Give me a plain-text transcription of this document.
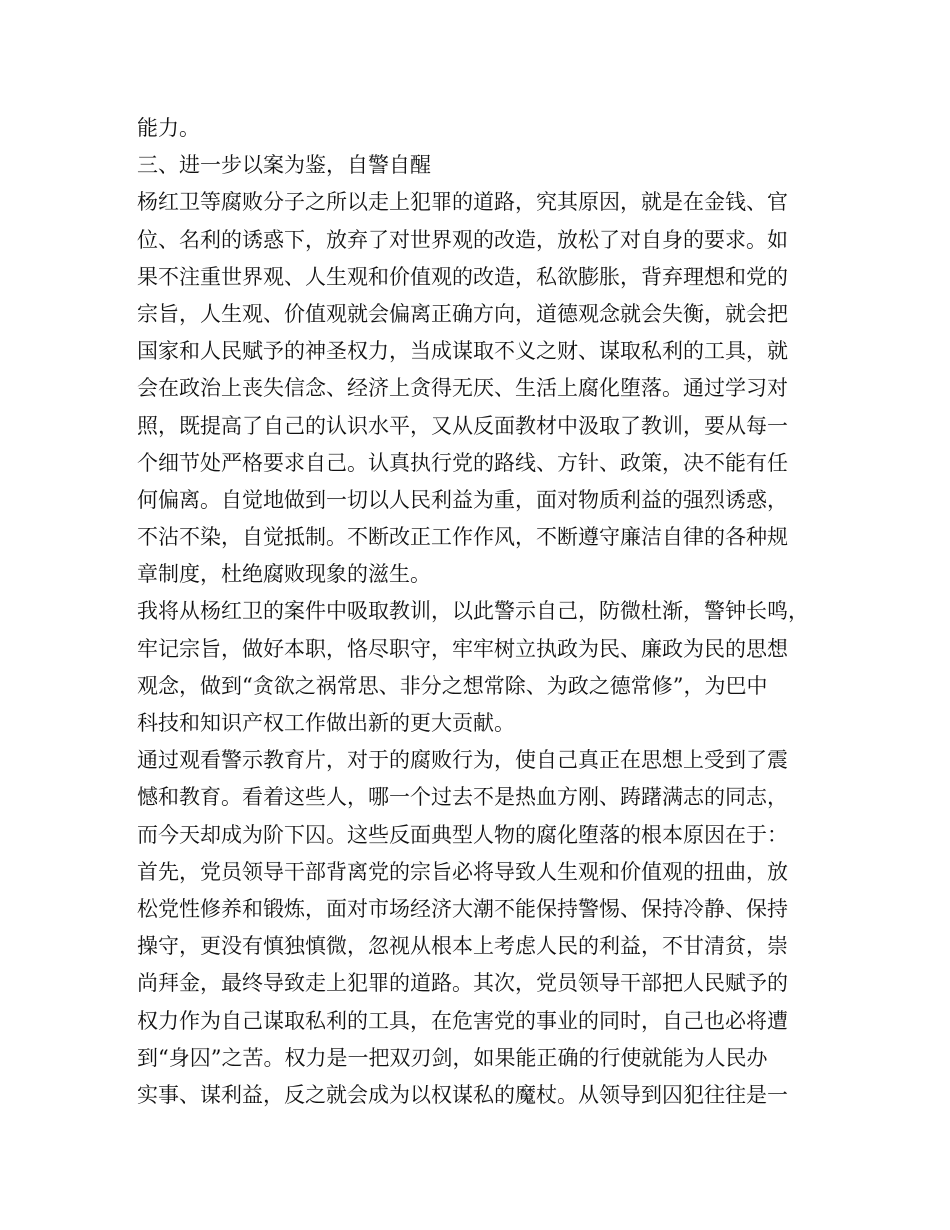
能力。
三、进一步以案为鉴，自警自醒
杨红卫等腐败分子之所以走上犯罪的道路，究其原因，就是在金钱、官
位、名利的诱惑下，放弃了对世界观的改造，放松了对自身的要求。如
果不注重世界观、人生观和价值观的改造，私欲膨胀，背弃理想和党的
宗旨，人生观、价值观就会偏离正确方向，道德观念就会失衡，就会把
国家和人民赋予的神圣权力，当成谋取不义之财、谋取私利的工具，就
会在政治上丧失信念、经济上贪得无厌、生活上腐化堕落。通过学习对
照，既提高了自己的认识水平，又从反面教材中汲取了教训，要从每一
个细节处严格要求自己。认真执行党的路线、方针、政策，决不能有任
何偏离。自觉地做到一切以人民利益为重，面对物质利益的强烈诱惑，
不沾不染，自觉抵制。不断改正工作作风，不断遵守廉洁自律的各种规
章制度，杜绝腐败现象的滋生。
我将从杨红卫的案件中吸取教训，以此警示自己，防微杜渐，警钟长鸣，
牢记宗旨，做好本职，恪尽职守，牢牢树立执政为民、廉政为民的思想
观念，做到“贪欲之祸常思、非分之想常除、为政之德常修”，为巴中
科技和知识产权工作做出新的更大贡献。
通过观看警示教育片，对于的腐败行为，使自己真正在思想上受到了震
憾和教育。看着这些人，哪一个过去不是热血方刚、踌躇满志的同志，
而今天却成为阶下囚。这些反面典型人物的腐化堕落的根本原因在于：
首先，党员领导干部背离党的宗旨必将导致人生观和价值观的扭曲，放
松党性修养和锻炼，面对市场经济大潮不能保持警惕、保持冷静、保持
操守，更没有慎独慎微，忽视从根本上考虑人民的利益，不甘清贫，崇
尚拜金，最终导致走上犯罪的道路。其次，党员领导干部把人民赋予的
权力作为自己谋取私利的工具，在危害党的事业的同时，自己也必将遭
到“身囚”之苦。权力是一把双刃剑，如果能正确的行使就能为人民办
实事、谋利益，反之就会成为以权谋私的魔杖。从领导到囚犯往往是一
